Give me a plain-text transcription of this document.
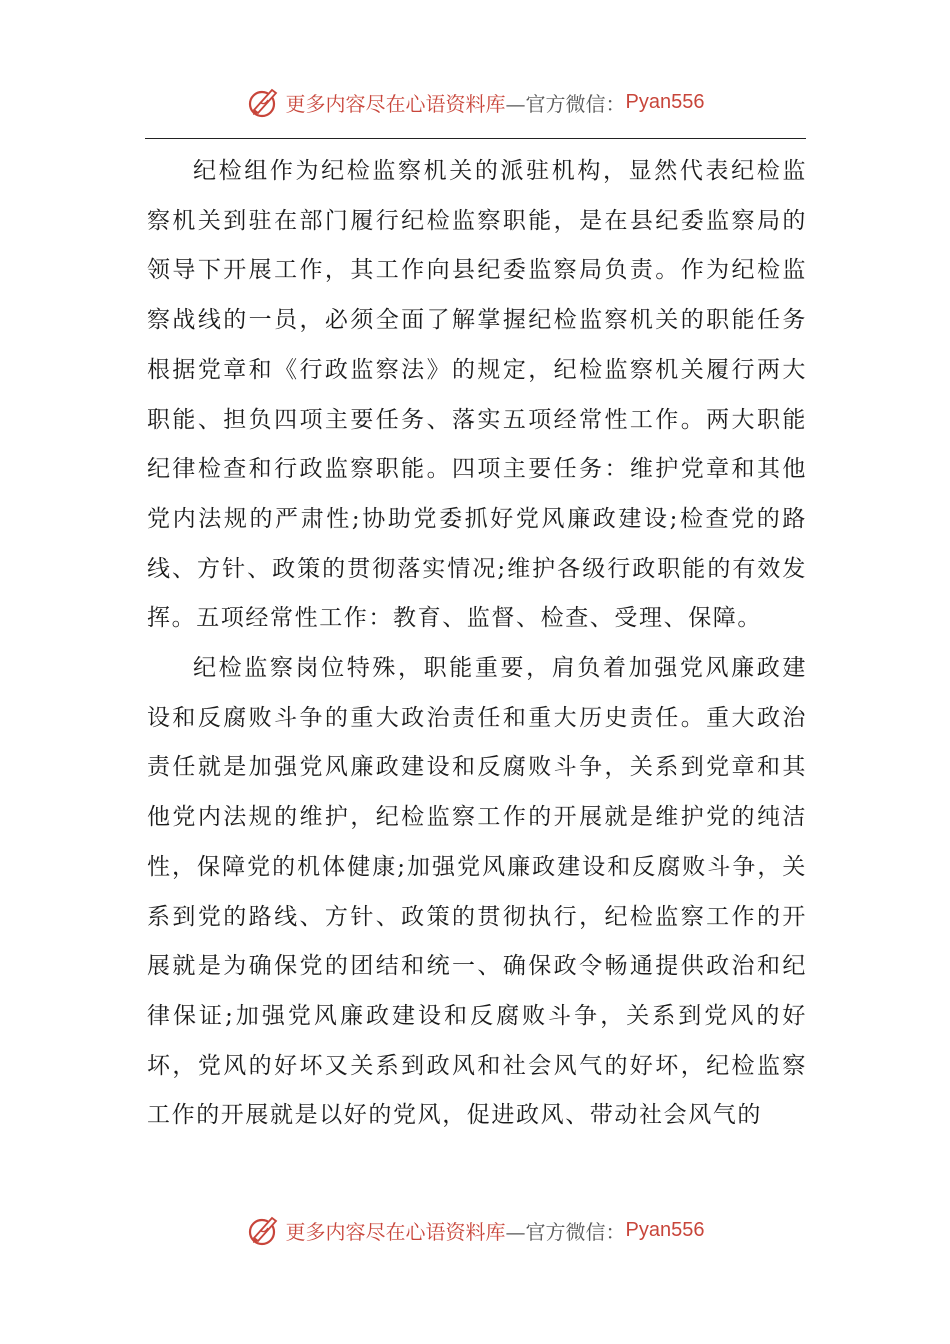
更多内容尽在心语资料库 —官方微信： Pyan556

纪检组作为纪检监察机关的派驻机构，显然代表纪检监察机关到驻在部门履行纪检监察职能，是在县纪委监察局的领导下开展工作，其工作向县纪委监察局负责。作为纪检监察战线的一员，必须全面了解掌握纪检监察机关的职能任务根据党章和《行政监察法》的规定，纪检监察机关履行两大职能、担负四项主要任务、落实五项经常性工作。两大职能纪律检查和行政监察职能。四项主要任务：维护党章和其他党内法规的严肃性;协助党委抓好党风廉政建设;检查党的路线、方针、政策的贯彻落实情况;维护各级行政职能的有效发挥。五项经常性工作：教育、监督、检查、受理、保障。

纪检监察岗位特殊，职能重要，肩负着加强党风廉政建设和反腐败斗争的重大政治责任和重大历史责任。重大政治责任就是加强党风廉政建设和反腐败斗争，关系到党章和其他党内法规的维护，纪检监察工作的开展就是维护党的纯洁性，保障党的机体健康;加强党风廉政建设和反腐败斗争，关系到党的路线、方针、政策的贯彻执行，纪检监察工作的开展就是为确保党的团结和统一、确保政令畅通提供政治和纪律保证;加强党风廉政建设和反腐败斗争，关系到党风的好坏，党风的好坏又关系到政风和社会风气的好坏，纪检监察工作的开展就是以好的党风，促进政风、带动社会风气的

更多内容尽在心语资料库 —官方微信： Pyan556
